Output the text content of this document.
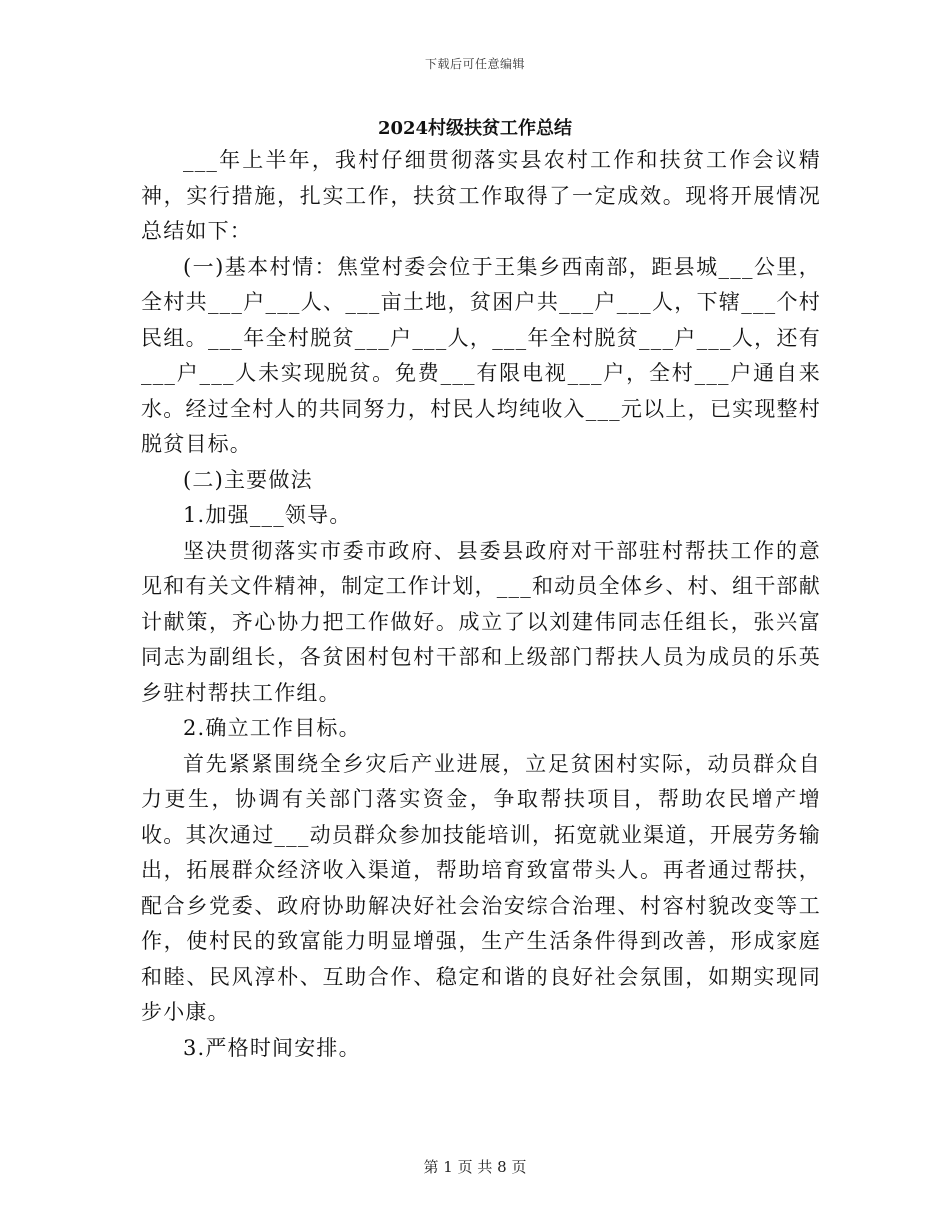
下载后可任意编辑
2024村级扶贫工作总结

___年上半年，我村仔细贯彻落实县农村工作和扶贫工作会议精神，实行措施，扎实工作，扶贫工作取得了一定成效。现将开展情况总结如下：

(一)基本村情：焦堂村委会位于王集乡西南部，距县城___公里，全村共___户___人、___亩土地，贫困户共___户___人，下辖___个村民组。___年全村脱贫___户___人，___年全村脱贫___户___人，还有___户___人未实现脱贫。免费___有限电视___户，全村___户通自来水。经过全村人的共同努力，村民人均纯收入___元以上，已实现整村脱贫目标。

(二)主要做法

1.加强___领导。

坚决贯彻落实市委市政府、县委县政府对干部驻村帮扶工作的意见和有关文件精神，制定工作计划，___和动员全体乡、村、组干部献计献策，齐心协力把工作做好。成立了以刘建伟同志任组长，张兴富同志为副组长，各贫困村包村干部和上级部门帮扶人员为成员的乐英乡驻村帮扶工作组。

2.确立工作目标。

首先紧紧围绕全乡灾后产业进展，立足贫困村实际，动员群众自力更生，协调有关部门落实资金，争取帮扶项目，帮助农民增产增收。其次通过___动员群众参加技能培训，拓宽就业渠道，开展劳务输出，拓展群众经济收入渠道，帮助培育致富带头人。再者通过帮扶，配合乡党委、政府协助解决好社会治安综合治理、村容村貌改变等工作，使村民的致富能力明显增强，生产生活条件得到改善，形成家庭和睦、民风淳朴、互助合作、稳定和谐的良好社会氛围，如期实现同步小康。

3.严格时间安排。

第 1 页 共 8 页
